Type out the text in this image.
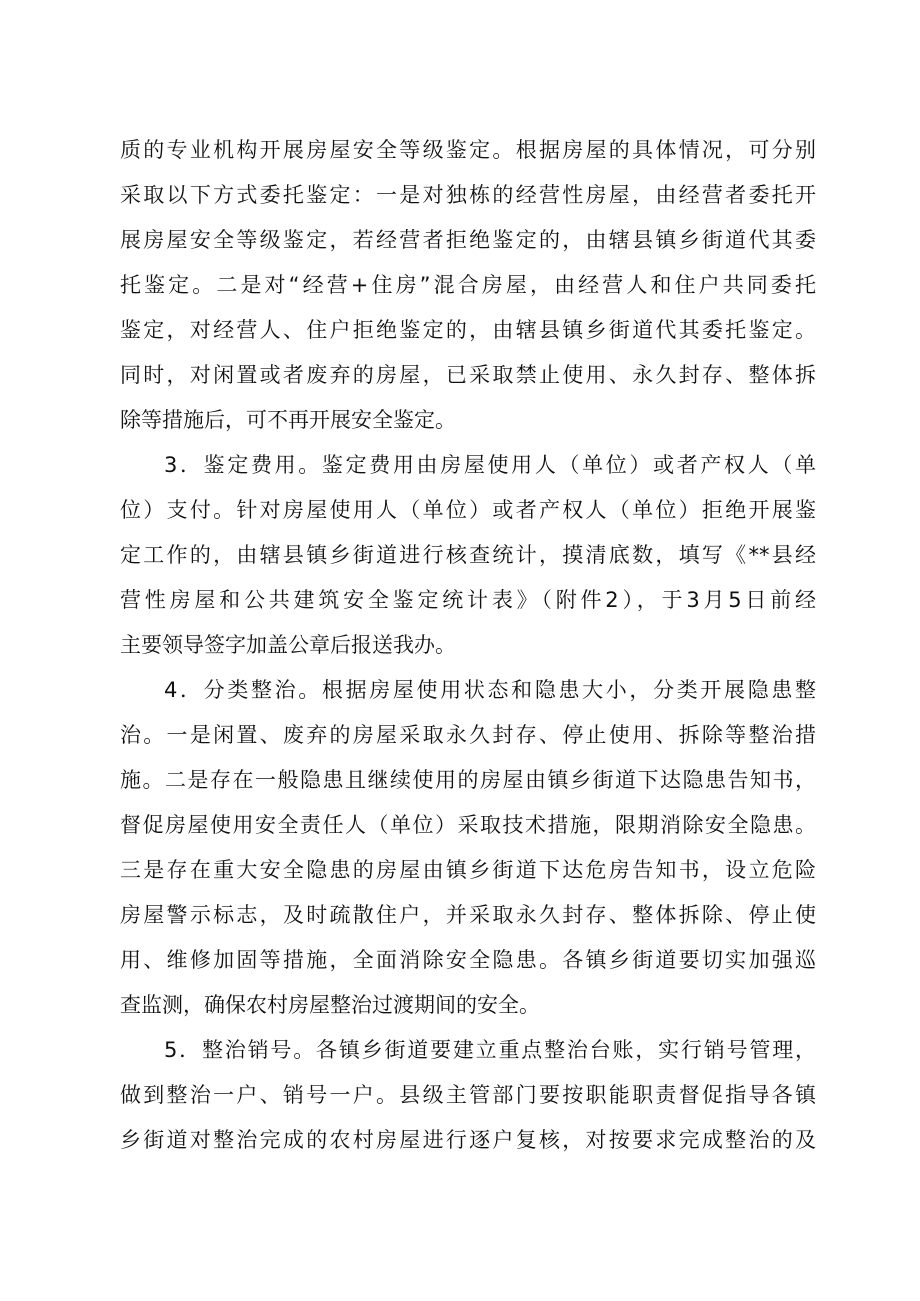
质的专业机构开展房屋安全等级鉴定。根据房屋的具体情况，可分别
采取以下方式委托鉴定：一是对独栋的经营性房屋，由经营者委托开
展房屋安全等级鉴定，若经营者拒绝鉴定的，由辖县镇乡街道代其委
托鉴定。二是对“经营+住房”混合房屋，由经营人和住户共同委托
鉴定，对经营人、住户拒绝鉴定的，由辖县镇乡街道代其委托鉴定。
同时，对闲置或者废弃的房屋，已采取禁止使用、永久封存、整体拆
除等措施后，可不再开展安全鉴定。
3．鉴定费用。鉴定费用由房屋使用人（单位）或者产权人（单
位）支付。针对房屋使用人（单位）或者产权人（单位）拒绝开展鉴
定工作的，由辖县镇乡街道进行核查统计，摸清底数，填写《**县经
营性房屋和公共建筑安全鉴定统计表》（附件2），于3月5日前经
主要领导签字加盖公章后报送我办。
4．分类整治。根据房屋使用状态和隐患大小，分类开展隐患整
治。一是闲置、废弃的房屋采取永久封存、停止使用、拆除等整治措
施。二是存在一般隐患且继续使用的房屋由镇乡街道下达隐患告知书，
督促房屋使用安全责任人（单位）采取技术措施，限期消除安全隐患。
三是存在重大安全隐患的房屋由镇乡街道下达危房告知书，设立危险
房屋警示标志，及时疏散住户，并采取永久封存、整体拆除、停止使
用、维修加固等措施，全面消除安全隐患。各镇乡街道要切实加强巡
查监测，确保农村房屋整治过渡期间的安全。
5．整治销号。各镇乡街道要建立重点整治台账，实行销号管理，
做到整治一户、销号一户。县级主管部门要按职能职责督促指导各镇
乡街道对整治完成的农村房屋进行逐户复核，对按要求完成整治的及
